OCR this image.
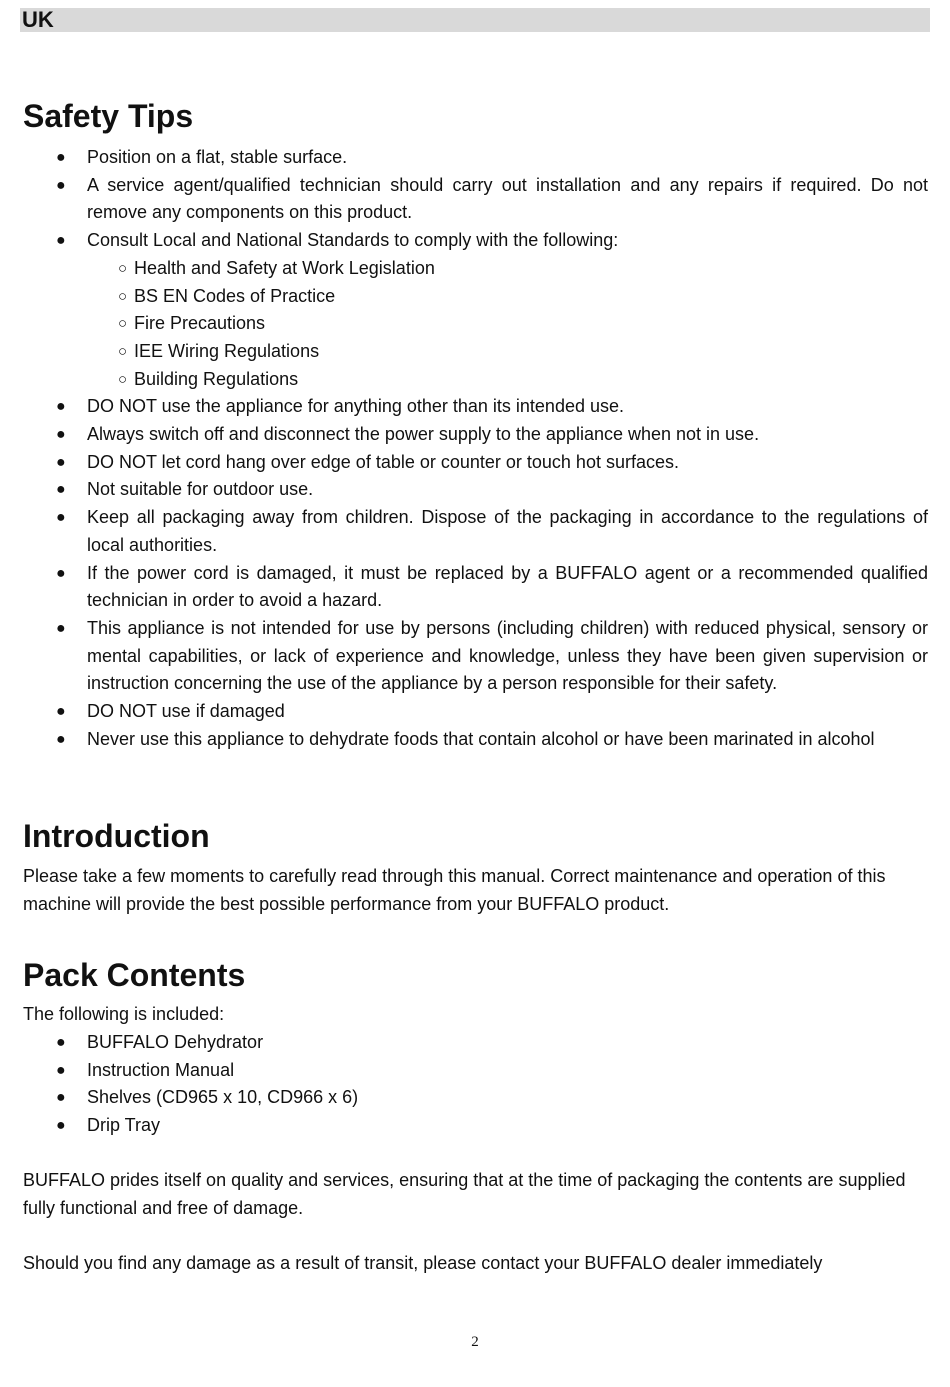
UK
Safety Tips
● Position on a flat, stable surface.
● A service agent/qualified technician should carry out installation and any repairs if required. Do not remove any components on this product.
● Consult Local and National Standards to comply with the following:
○ Health and Safety at Work Legislation
○ BS EN Codes of Practice
○ Fire Precautions
○ IEE Wiring Regulations
○ Building Regulations
● DO NOT use the appliance for anything other than its intended use.
● Always switch off and disconnect the power supply to the appliance when not in use.
● DO NOT let cord hang over edge of table or counter or touch hot surfaces.
● Not suitable for outdoor use.
● Keep all packaging away from children. Dispose of the packaging in accordance to the regulations of local authorities.
● If the power cord is damaged, it must be replaced by a BUFFALO agent or a recommended qualified technician in order to avoid a hazard.
● This appliance is not intended for use by persons (including children) with reduced physical, sensory or mental capabilities, or lack of experience and knowledge, unless they have been given supervision or instruction concerning the use of the appliance by a person responsible for their safety.
● DO NOT use if damaged
● Never use this appliance to dehydrate foods that contain alcohol or have been marinated in alcohol
Introduction

Please take a few moments to carefully read through this manual. Correct maintenance and operation of this machine will provide the best possible performance from your BUFFALO product.

Pack Contents

The following is included:

● BUFFALO Dehydrator
● Instruction Manual
● Shelves (CD965 x 10, CD966 x 6)
● Drip Tray

BUFFALO prides itself on quality and services, ensuring that at the time of packaging the contents are supplied fully functional and free of damage.

Should you find any damage as a result of transit, please contact your BUFFALO dealer immediately

2
